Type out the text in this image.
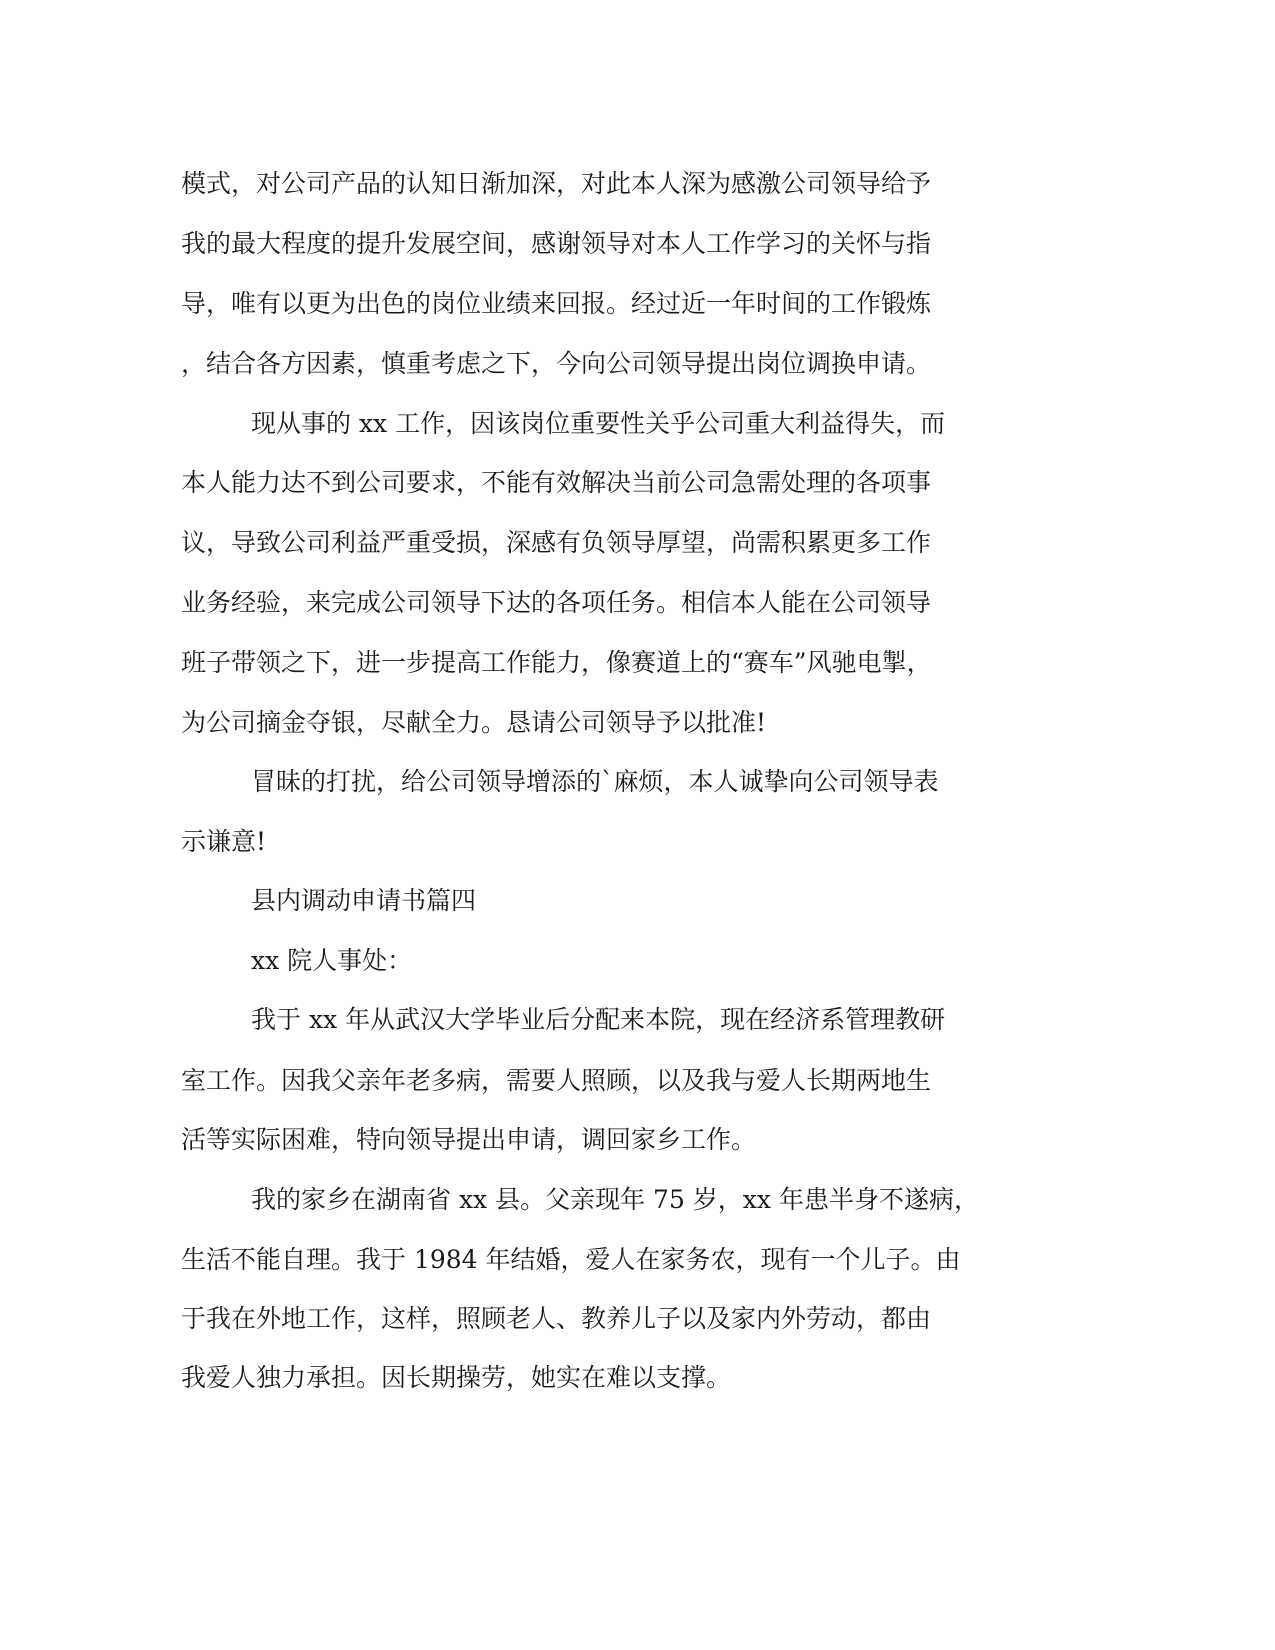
模式，对公司产品的认知日渐加深，对此本人深为感激公司领导给予
我的最大程度的提升发展空间，感谢领导对本人工作学习的关怀与指
导，唯有以更为出色的岗位业绩来回报。经过近一年时间的工作锻炼
，结合各方因素，慎重考虑之下，今向公司领导提出岗位调换申请。
现从事的 xx 工作，因该岗位重要性关乎公司重大利益得失，而
本人能力达不到公司要求，不能有效解决当前公司急需处理的各项事
议，导致公司利益严重受损，深感有负领导厚望，尚需积累更多工作
业务经验，来完成公司领导下达的各项任务。相信本人能在公司领导
班子带领之下，进一步提高工作能力，像赛道上的“赛车”风驰电掣，
为公司摘金夺银，尽献全力。恳请公司领导予以批准!
冒昧的打扰，给公司领导增添的`麻烦，本人诚挚向公司领导表
示谦意!
县内调动申请书篇四
xx 院人事处：
我于 xx 年从武汉大学毕业后分配来本院，现在经济系管理教研
室工作。因我父亲年老多病，需要人照顾，以及我与爱人长期两地生
活等实际困难，特向领导提出申请，调回家乡工作。
我的家乡在湖南省 xx 县。父亲现年 75 岁，xx 年患半身不遂病，
生活不能自理。我于 1984 年结婚，爱人在家务农，现有一个儿子。由
于我在外地工作，这样，照顾老人、教养儿子以及家内外劳动，都由
我爱人独力承担。因长期操劳，她实在难以支撑。
